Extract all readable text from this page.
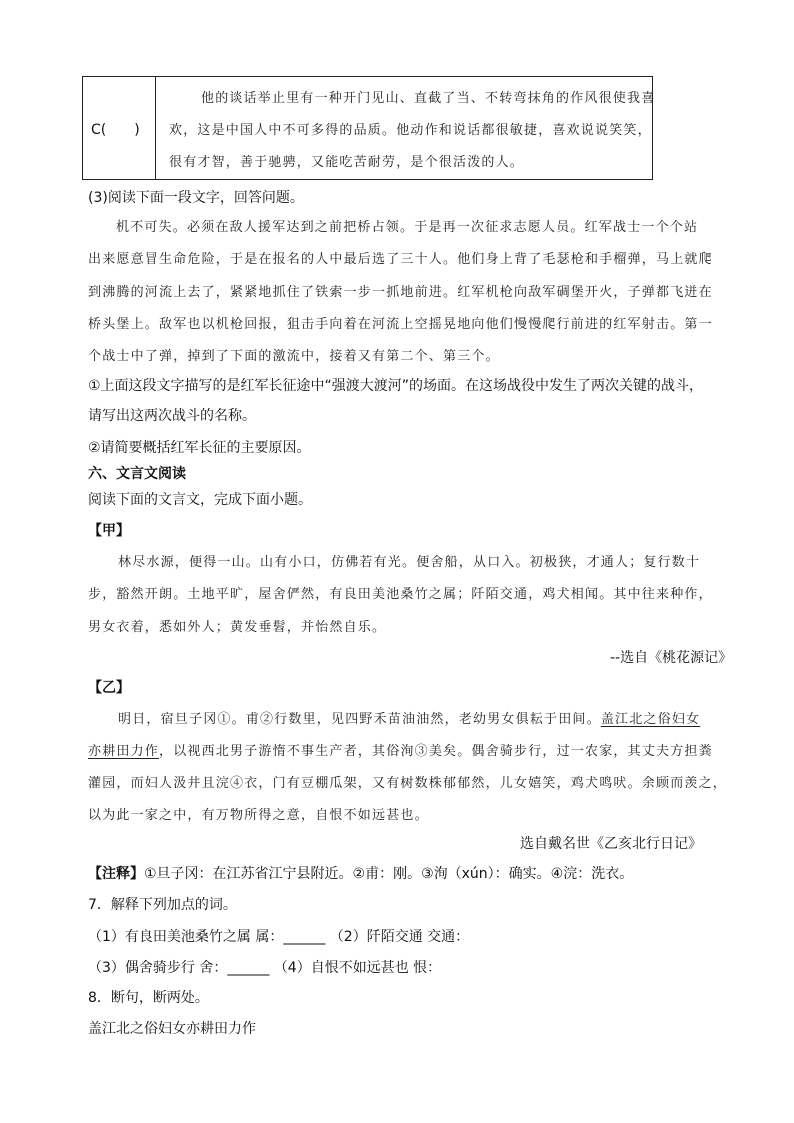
C(　　)
他的谈话举止里有一种开门见山、直截了当、不转弯抹角的作风很使我喜
欢，这是中国人中不可多得的品质。他动作和说话都很敏捷，喜欢说说笑笑，
很有才智，善于驰骋，又能吃苦耐劳，是个很活泼的人。
(3)阅读下面一段文字，回答问题。
机不可失。必须在敌人援军达到之前把桥占领。于是再一次征求志愿人员。红军战士一个个站
出来愿意冒生命危险，于是在报名的人中最后选了三十人。他们身上背了毛瑟枪和手榴弹，马上就爬
到沸腾的河流上去了，紧紧地抓住了铁索一步一抓地前进。红军机枪向敌军碉堡开火，子弹都飞迸在
桥头堡上。敌军也以机枪回报，狙击手向着在河流上空摇晃地向他们慢慢爬行前进的红军射击。第一
个战士中了弹，掉到了下面的激流中，接着又有第二个、第三个。
①上面这段文字描写的是红军长征途中“强渡大渡河”的场面。在这场战役中发生了两次关键的战斗，
请写出这两次战斗的名称。
②请简要概括红军长征的主要原因。
六、文言文阅读
阅读下面的文言文，完成下面小题。
【甲】
林尽水源，便得一山。山有小口，仿佛若有光。便舍船，从口入。初极狭，才通人；复行数十
步，豁然开朗。土地平旷，屋舍俨然，有良田美池桑竹之属；阡陌交通，鸡犬相闻。其中往来种作，
男女衣着，悉如外人；黄发垂髫，并怡然自乐。
--选自《桃花源记》
【乙】
明日，宿旦子冈①。甫②行数里，见四野禾苗油油然，老幼男女俱耘于田间。盖江北之俗妇女
亦耕田力作，以视西北男子游惰不事生产者，其俗洵③美矣。偶舍骑步行，过一农家，其丈夫方担粪
灌园，而妇人汲井且浣④衣，门有豆棚瓜架，又有树数株郁郁然，儿女嬉笑，鸡犬鸣吠。余顾而羡之，
以为此一家之中，有万物所得之意，自恨不如远甚也。
选自戴名世《乙亥北行日记》
【注释】①旦子冈：在江苏省江宁县附近。②甫：刚。③洵（xún）：确实。④浣：洗衣。
7．解释下列加点的词。
（1）有良田美池桑竹之属 属：______ （2）阡陌交通 交通：
（3）偶舍骑步行 舍：______ （4）自恨不如远甚也 恨：
8．断句，断两处。
盖江北之俗妇女亦耕田力作
